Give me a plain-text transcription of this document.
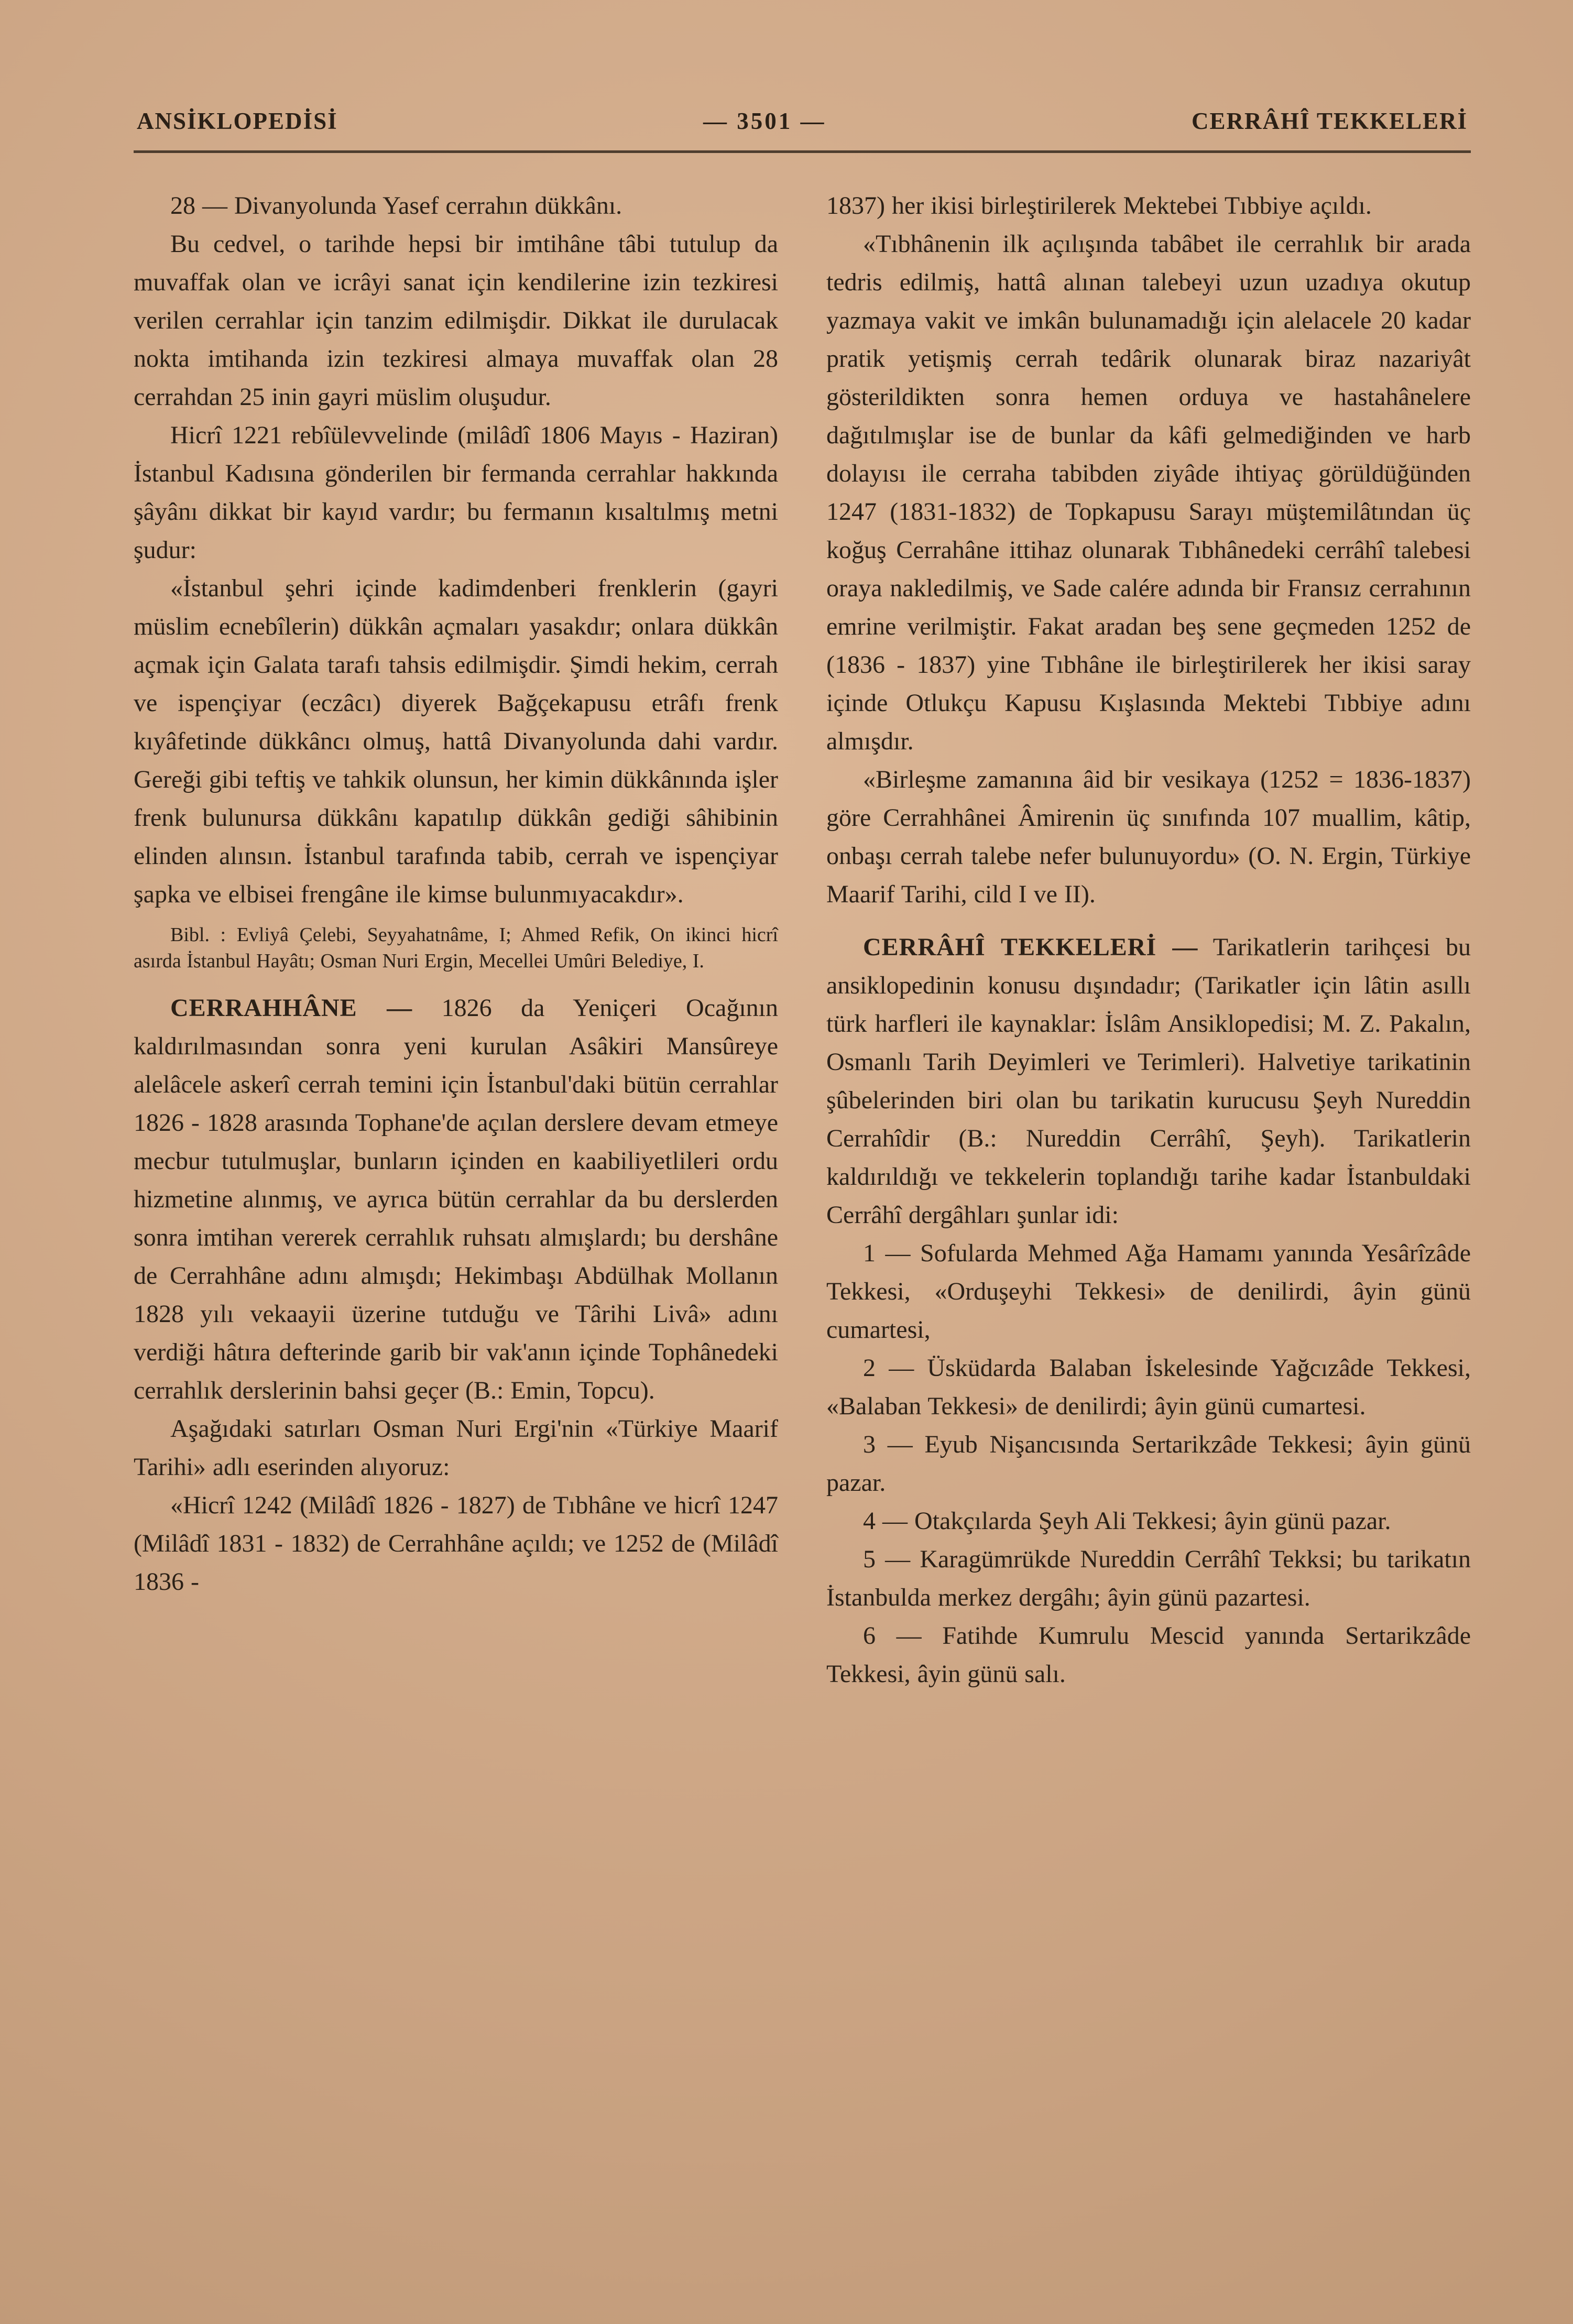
ANSİKLOPEDİSİ	— 3501 —	CERRÂHÎ TEKKELERİ

28 — Divanyolunda Yasef cerrahın dükkânı.

Bu cedvel, o tarihde hepsi bir imtihâne tâbi tutulup da muvaffak olan ve icrâyi sanat için kendilerine izin tezkiresi verilen cerrahlar için tanzim edilmişdir. Dikkat ile durulacak nokta imtihanda izin tezkiresi almaya muvaffak olan 28 cerrahdan 25 inin gayri müslim oluşudur.

Hicrî 1221 rebîülevvelinde (milâdî 1806 Mayıs - Haziran) İstanbul Kadısına gönderilen bir fermanda cerrahlar hakkında şâyânı dikkat bir kayıd vardır; bu fermanın kısaltılmış metni şudur:

«İstanbul şehri içinde kadimdenberi frenklerin (gayri müslim ecnebîlerin) dükkân açmaları yasakdır; onlara dükkân açmak için Galata tarafı tahsis edilmişdir. Şimdi hekim, cerrah ve ispençiyar (eczâcı) diyerek Bağçekapusu etrâfı frenk kıyâfetinde dükkâncı olmuş, hattâ Divanyolunda dahi vardır. Gereği gibi teftiş ve tahkik olunsun, her kimin dükkânında işler frenk bulunursa dükkânı kapatılıp dükkân gediği sâhibinin elinden alınsın. İstanbul tarafında tabib, cerrah ve ispençiyar şapka ve elbisei frengâne ile kimse bulunmıyacakdır».

Bibl. : Evliyâ Çelebi, Seyyahatnâme, I; Ahmed Refik, On ikinci hicrî asırda İstanbul Hayâtı; Osman Nuri Ergin, Mecellei Umûri Belediye, I.

CERRAHHÂNE — 1826 da Yeniçeri Ocağının kaldırılmasından sonra yeni kurulan Asâkiri Mansûreye alelâcele askerî cerrah temini için İstanbul'daki bütün cerrahlar 1826 - 1828 arasında Tophane'de açılan derslere devam etmeye mecbur tutulmuşlar, bunların içinden en kaabiliyetlileri ordu hizmetine alınmış, ve ayrıca bütün cerrahlar da bu derslerden sonra imtihan vererek cerrahlık ruhsatı almışlardı; bu dershâne de Cerrahhâne adını almışdı; Hekimbaşı Abdülhak Mollanın 1828 yılı vekaayii üzerine tutduğu ve Târihi Livâ» adını verdiği hâtıra defterinde garib bir vak'anın içinde Tophânedeki cerrahlık derslerinin bahsi geçer (B.: Emin, Topcu).

Aşağıdaki satırları Osman Nuri Ergi'nin «Türkiye Maarif Tarihi» adlı eserinden alıyoruz:

«Hicrî 1242 (Milâdî 1826 - 1827) de Tıbhâne ve hicrî 1247 (Milâdî 1831 - 1832) de Cerrahhâne açıldı; ve 1252 de (Milâdî 1836 -

1837) her ikisi birleştirilerek Mektebei Tıbbiye açıldı.

«Tıbhânenin ilk açılışında tabâbet ile cerrahlık bir arada tedris edilmiş, hattâ alınan talebeyi uzun uzadıya okutup yazmaya vakit ve imkân bulunamadığı için alelacele 20 kadar pratik yetişmiş cerrah tedârik olunarak biraz nazariyât gösterildikten sonra hemen orduya ve hastahânelere dağıtılmışlar ise de bunlar da kâfi gelmediğinden ve harb dolayısı ile cerraha tabibden ziyâde ihtiyaç görüldüğünden 1247 (1831-1832) de Topkapusu Sarayı müştemilâtından üç koğuş Cerrahâne ittihaz olunarak Tıbhânedeki cerrâhî talebesi oraya nakledilmiş, ve Sade calére adında bir Fransız cerrahının emrine verilmiştir. Fakat aradan beş sene geçmeden 1252 de (1836 - 1837) yine Tıbhâne ile birleştirilerek her ikisi saray içinde Otlukçu Kapusu Kışlasında Mektebi Tıbbiye adını almışdır.

«Birleşme zamanına âid bir vesikaya (1252 = 1836-1837) göre Cerrahhânei Âmirenin üç sınıfında 107 muallim, kâtip, onbaşı cerrah talebe nefer bulunuyordu» (O. N. Ergin, Türkiye Maarif Tarihi, cild I ve II).

CERRÂHÎ TEKKELERİ — Tarikatlerin tarihçesi bu ansiklopedinin konusu dışındadır; (Tarikatler için lâtin asıllı türk harfleri ile kaynaklar: İslâm Ansiklopedisi; M. Z. Pakalın, Osmanlı Tarih Deyimleri ve Terimleri). Halvetiye tarikatinin şûbelerinden biri olan bu tarikatin kurucusu Şeyh Nureddin Cerrahîdir (B.: Nureddin Cerrâhî, Şeyh). Tarikatlerin kaldırıldığı ve tekkelerin toplandığı tarihe kadar İstanbuldaki Cerrâhî dergâhları şunlar idi:

1 — Sofularda Mehmed Ağa Hamamı yanında Yesârîzâde Tekkesi, «Orduşeyhi Tekkesi» de denilirdi, âyin günü cumartesi,

2 — Üsküdarda Balaban İskelesinde Yağcızâde Tekkesi, «Balaban Tekkesi» de denilirdi; âyin günü cumartesi.

3 — Eyub Nişancısında Sertarikzâde Tekkesi; âyin günü pazar.

4 — Otakçılarda Şeyh Ali Tekkesi; âyin günü pazar.

5 — Karagümrükde Nureddin Cerrâhî Tekksi; bu tarikatın İstanbulda merkez dergâhı; âyin günü pazartesi.

6 — Fatihde Kumrulu Mescid yanında Sertarikzâde Tekkesi, âyin günü salı.
